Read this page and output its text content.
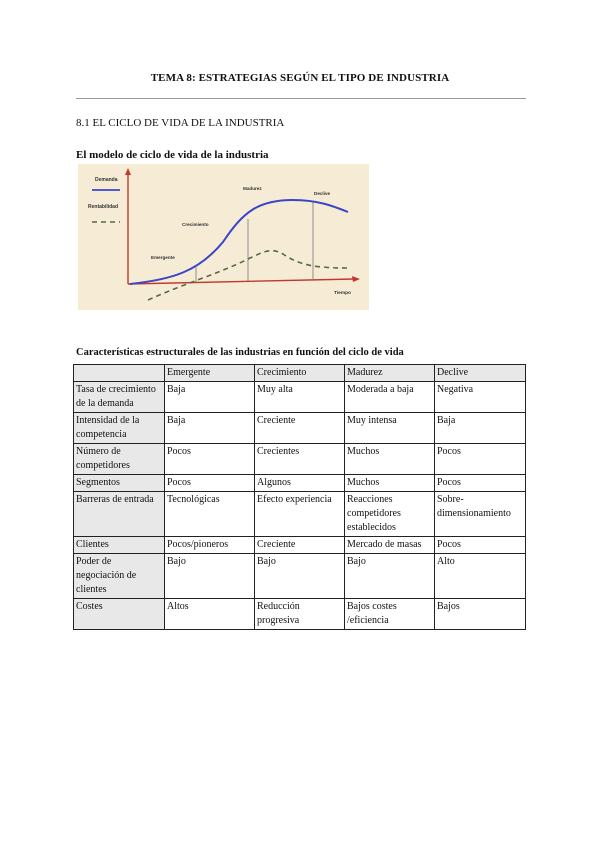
TEMA 8: ESTRATEGIAS SEGÚN EL TIPO DE INDUSTRIA
8.1 EL CICLO DE VIDA DE LA INDUSTRIA
El modelo de ciclo de vida de la industria
Demanda
Rentabilidad
Emergente
Crecimiento
Madurez
Declive
Tiempo
Características estructurales de las industrias en función del ciclo de vida
	Emergente	Crecimiento	Madurez	Declive
Tasa de crecimiento de la demanda	Baja	Muy alta	Moderada a baja	Negativa
Intensidad de la competencia	Baja	Creciente	Muy intensa	Baja
Número de competidores	Pocos	Crecientes	Muchos	Pocos
Segmentos	Pocos	Algunos	Muchos	Pocos
Barreras de entrada	Tecnológicas	Efecto experiencia	Reacciones competidores establecidos	Sobre-dimensionamiento
Clientes	Pocos/pioneros	Creciente	Mercado de masas	Pocos
Poder de negociación de clientes	Bajo	Bajo	Bajo	Alto
Costes	Altos	Reducción progresiva	Bajos costes /eficiencia	Bajos
